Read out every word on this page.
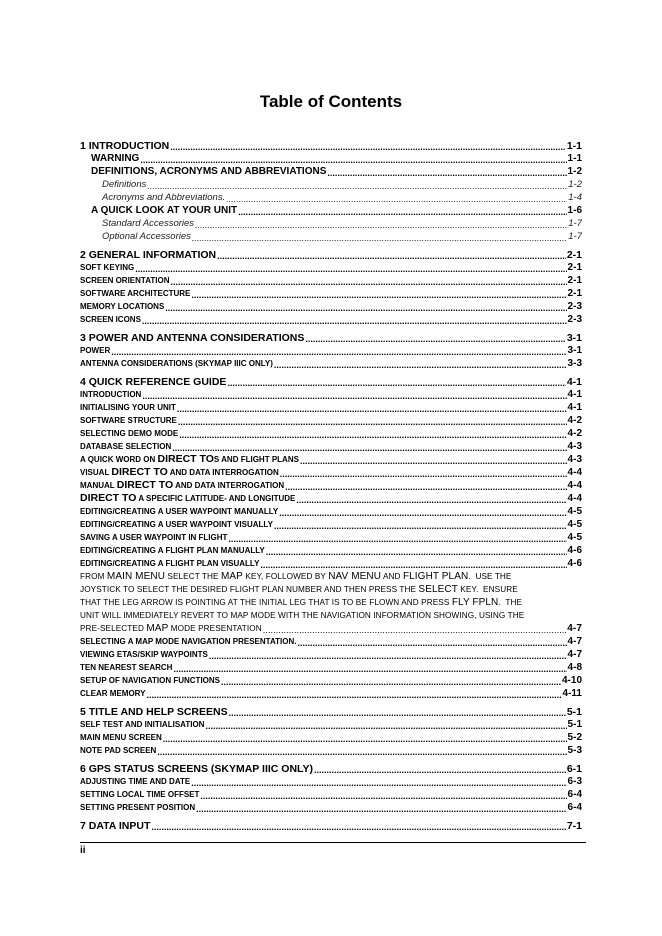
Table of Contents
1 INTRODUCTION .....	1-1
WARNING .....	1-1
DEFINITIONS, ACRONYMS AND ABBREVIATIONS .....	1-2
Definitions .....	1-2
Acronyms and Abbreviations. .....	1-4
A QUICK LOOK AT YOUR UNIT .....	1-6
Standard Accessories .....	1-7
Optional Accessories .....	1-7
2 GENERAL INFORMATION .....	2-1
SOFT KEYING .....	2-1
SCREEN ORIENTATION .....	2-1
SOFTWARE ARCHITECTURE .....	2-1
MEMORY LOCATIONS .....	2-3
SCREEN ICONS .....	2-3
3 POWER AND ANTENNA CONSIDERATIONS .....	3-1
POWER .....	3-1
ANTENNA CONSIDERATIONS (SKYMAP IIIC ONLY) .....	3-3
4 QUICK REFERENCE GUIDE .....	4-1
INTRODUCTION .....	4-1
INITIALISING YOUR UNIT .....	4-1
SOFTWARE STRUCTURE .....	4-2
SELECTING DEMO MODE .....	4-2
DATABASE SELECTION .....	4-3
A QUICK WORD ON DIRECT TOS AND FLIGHT PLANS .....	4-3
VISUAL DIRECT TO AND DATA INTERROGATION .....	4-4
MANUAL DIRECT TO AND DATA INTERROGATION .....	4-4
DIRECT TO A SPECIFIC LATITUDE- AND LONGITUDE .....	4-4
EDITING/CREATING A USER WAYPOINT MANUALLY .....	4-5
EDITING/CREATING A USER WAYPOINT VISUALLY .....	4-5
SAVING A USER WAYPOINT IN FLIGHT .....	4-5
EDITING/CREATING A FLIGHT PLAN MANUALLY .....	4-6
EDITING/CREATING A FLIGHT PLAN VISUALLY .....	4-6
FROM MAIN MENU SELECT THE MAP KEY, FOLLOWED BY NAV MENU AND FLIGHT PLAN.  USE THE
JOYSTICK TO SELECT THE DESIRED FLIGHT PLAN NUMBER AND THEN PRESS THE SELECT KEY.  ENSURE
THAT THE LEG ARROW IS POINTING AT THE INITIAL LEG THAT IS TO BE FLOWN AND PRESS FLY FPLN.  THE
UNIT WILL IMMEDIATELY REVERT TO MAP MODE WITH THE NAVIGATION INFORMATION SHOWING, USING THE
PRE-SELECTED MAP MODE PRESENTATION .....	4-7
SELECTING A MAP MODE NAVIGATION PRESENTATION. .....	4-7
VIEWING ETAS/SKIP WAYPOINTS .....	4-7
TEN NEAREST SEARCH .....	4-8
SETUP OF NAVIGATION FUNCTIONS .....	4-10
CLEAR MEMORY .....	4-11
5 TITLE AND HELP SCREENS .....	5-1
SELF TEST AND INITIALISATION .....	5-1
MAIN MENU SCREEN .....	5-2
NOTE PAD SCREEN .....	5-3
6 GPS STATUS SCREENS (SKYMAP IIIC ONLY) .....	6-1
ADJUSTING TIME AND DATE .....	6-3
SETTING LOCAL TIME OFFSET .....	6-4
SETTING PRESENT POSITION .....	6-4
7 DATA INPUT .....	7-1
ii
